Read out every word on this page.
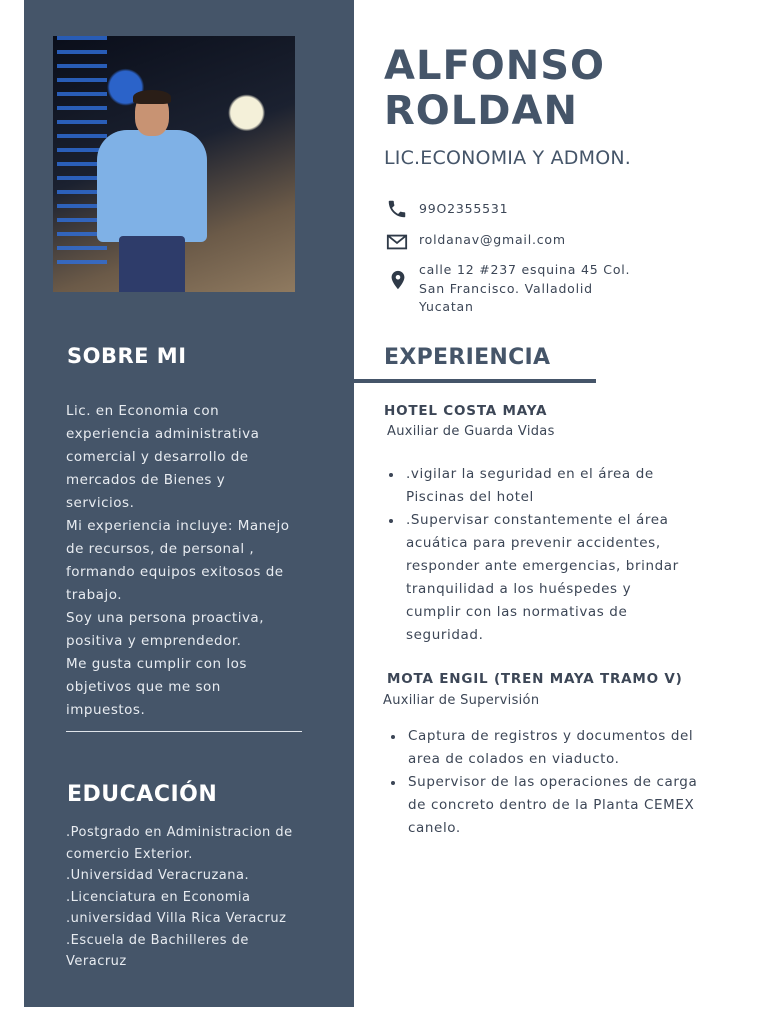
SOBRE MI
Lic. en Economia con
experiencia administrativa
comercial y desarrollo de
mercados de Bienes y
servicios.
Mi experiencia incluye: Manejo
de recursos, de personal ,
formando equipos exitosos de
trabajo.
Soy una persona proactiva,
positiva y emprendedor.
Me gusta cumplir con los
objetivos que me son
impuestos.
EDUCACIÓN
.Postgrado en Administracion de
comercio Exterior.
.Universidad Veracruzana.
.Licenciatura en Economia
.universidad Villa Rica Veracruz
.Escuela de Bachilleres de
Veracruz
ALFONSO
ROLDAN
LIC.ECONOMIA Y ADMON.
99O2355531
roldanav@gmail.com
calle 12 #237 esquina 45 Col.
San Francisco. Valladolid
Yucatan
EXPERIENCIA
HOTEL COSTA MAYA
Auxiliar de Guarda Vidas
.vigilar la seguridad en el área de
Piscinas del hotel
.Supervisar constantemente el área
acuática para prevenir accidentes,
responder ante emergencias, brindar
tranquilidad a los huéspedes y
cumplir con las normativas de
seguridad.
MOTA ENGIL (TREN MAYA TRAMO V)
Auxiliar de Supervisión
Captura de registros y documentos del
area de colados en viaducto.
Supervisor de las operaciones de carga
de concreto dentro de la Planta CEMEX
canelo.
